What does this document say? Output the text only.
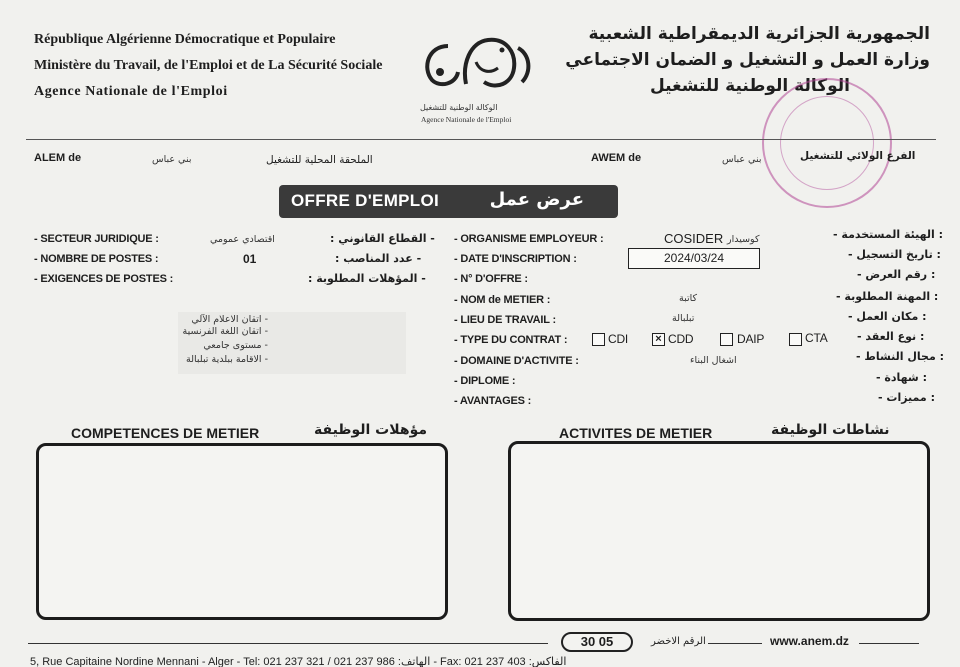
République Algérienne Démocratique et Populaire
Ministère du Travail, de l'Emploi et de La Sécurité Sociale
Agence Nationale de l'Emploi
الوكالة الوطنية للتشغيل
Agence Nationale de l'Emploi
الجمهورية الجزائرية الديمقراطية الشعبية
وزارة العمل و التشغيل و الضمان الاجتماعي
الوكالة الوطنية للتشغيل
ALEM de	بني عباس	الملحقة المحلية للتشغيل	AWEM de	بني عباس	الفرع الولائي للتشغيل
OFFRE D'EMPLOI	عرض عمل
- SECTEUR JURIDIQUE :	اقتصادي عمومي	- القطاع القانوني :
- NOMBRE DE POSTES :	01	- عدد المناصب :
- EXIGENCES DE POSTES :	- المؤهلات المطلوبة :
- اتقان الاعلام الآلي
- اتقان اللغة الفرنسية
- مستوى جامعي
- الاقامة ببلدية تبلبالة
- ORGANISME EMPLOYEUR :	COSIDER كوسيدار	: الهيئة المستخدمة -
- DATE D'INSCRIPTION :	2024/03/24	: تاريخ التسجيل -
- N° D'OFFRE :	: رقم العرض -
- NOM de METIER :	كاتبة	: المهنة المطلوبة -
- LIEU DE TRAVAIL :	تبلبالة	: مكان العمل -
- TYPE DU CONTRAT :	CDI × CDD	DAIP	CTA	: نوع العقد -
- DOMAINE D'ACTIVITE :	اشغال البناء	: مجال النشاط -
- DIPLOME :	: شهادة -
- AVANTAGES :	: مميزات -
COMPETENCES DE METIER	مؤهلات الوظيفة	ACTIVITES DE METIER	نشاطات الوظيفة
30 05	الرقم الاخضر	www.anem.dz
5, Rue Capitaine Nordine Mennani - Alger - Tel: 021 237 321 / 021 237 986 :الهاتف - Fax: 021 237 403 :الفاكس
